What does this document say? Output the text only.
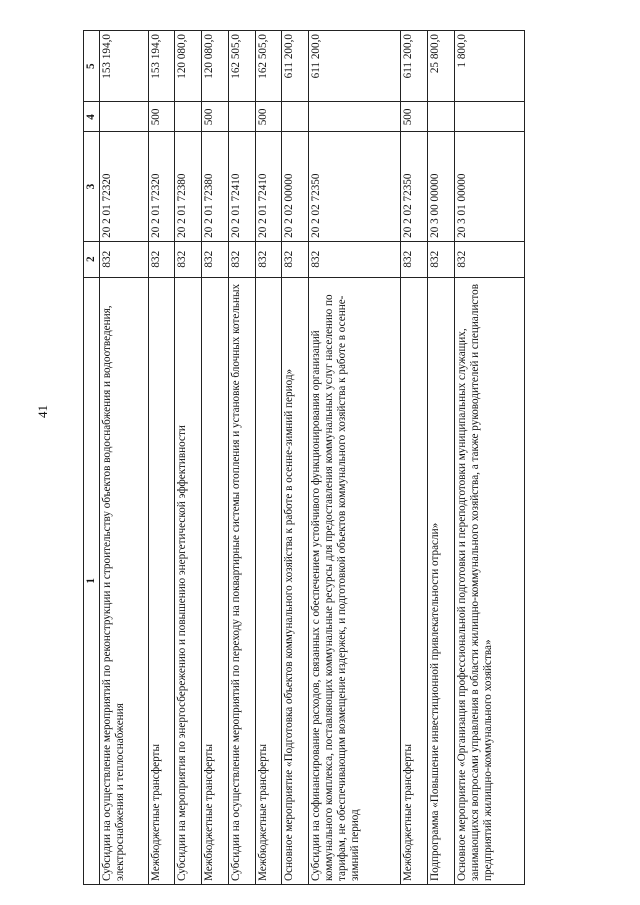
41
1	2	3	4	5
Субсидии на осуществление мероприятий по реконструкции и строительству объектов водоснабжения и водоотведения, электроснабжения и теплоснабжения	832	20 2 01 72320		153 194,0
Межбюджетные трансферты	832	20 2 01 72320	500	153 194,0
Субсидии на мероприятия по энергосбережению и повышению энергетической эффективности	832	20 2 01 72380		120 080,0
Межбюджетные трансферты	832	20 2 01 72380	500	120 080,0
Субсидии на осуществление мероприятий по переходу на поквартирные системы отопления и установке блочных котельных	832	20 2 01 72410		162 505,0
Межбюджетные трансферты	832	20 2 01 72410	500	162 505,0
Основное мероприятие «Подготовка объектов коммунального хозяйства к работе в осенне-зимний период»	832	20 2 02 00000		611 200,0
Субсидии на софинансирование расходов, связанных с обеспечением устойчивого функционирования организаций коммунального комплекса, поставляющих коммунальные ресурсы для предоставления коммунальных услуг населению по тарифам, не обеспечивающим возмещение издержек, и подготовкой объектов коммунального хозяйства к работе в осенне-зимний период	832	20 2 02 72350		611 200,0
Межбюджетные трансферты	832	20 2 02 72350	500	611 200,0
Подпрограмма «Повышение инвестиционной привлекательности отрасли»	832	20 3 00 00000		25 800,0
Основное мероприятие «Организация профессиональной подготовки и переподготовки муниципальных служащих, занимающихся вопросами управления в области жилищно-коммунального хозяйства, а также руководителей и специалистов предприятий жилищно-коммунального хозяйства»	832	20 3 01 00000		1 800,0
